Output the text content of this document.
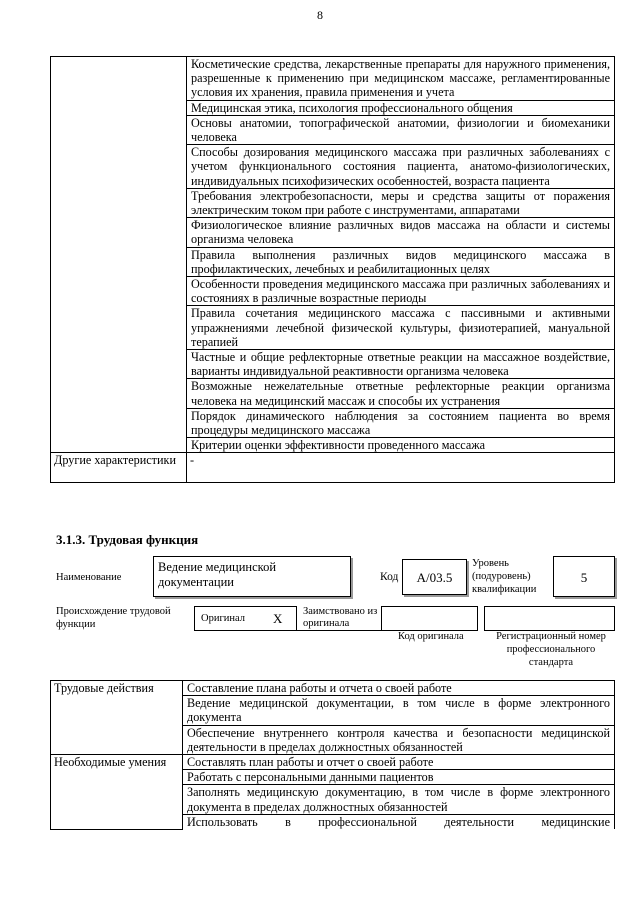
8
	Косметические средства, лекарственные препараты для наружного применения, разрешенные к применению при медицинском массаже, регламентированные условия их хранения, правила применения и учета
	Медицинская этика, психология профессионального общения
	Основы анатомии, топографической анатомии, физиологии и биомеханики человека
	Способы дозирования медицинского массажа при различных заболеваниях с учетом функционального состояния пациента, анатомо-физиологических, индивидуальных психофизических особенностей, возраста пациента
	Требования электробезопасности, меры и средства защиты от поражения электрическим током при работе с инструментами, аппаратами
	Физиологическое влияние различных видов массажа на области и системы организма человека
	Правила выполнения различных видов медицинского массажа в профилактических, лечебных и реабилитационных целях
	Особенности проведения медицинского массажа при различных заболеваниях и состояниях в различные возрастные периоды
	Правила сочетания медицинского массажа с пассивными и активными упражнениями лечебной физической культуры, физиотерапией, мануальной терапией
	Частные и общие рефлекторные ответные реакции на массажное воздействие, варианты индивидуальной реактивности организма человека
	Возможные нежелательные ответные рефлекторные реакции организма человека на медицинский массаж и способы их устранения
	Порядок динамического наблюдения за состоянием пациента во время процедуры медицинского массажа
	Критерии оценки эффективности проведенного массажа
Другие характеристики	-
3.1.3. Трудовая функция
Наименование
Ведение медицинской документации	Код	A/03.5
Уровень (подуровень) квалификации
5
Происхождение трудовой функции
Оригинал X Заимствовано из оригинала
Код оригинала	Регистрационный номер профессионального стандарта
Трудовые действия	Составление плана работы и отчета о своей работе
	Ведение медицинской документации, в том числе в форме электронного документа
	Обеспечение внутреннего контроля качества и безопасности медицинской деятельности в пределах должностных обязанностей
Необходимые умения	Составлять план работы и отчет о своей работе
	Работать с персональными данными пациентов
	Заполнять медицинскую документацию, в том числе в форме электронного документа в пределах должностных обязанностей
	Использовать в профессиональной деятельности медицинские
